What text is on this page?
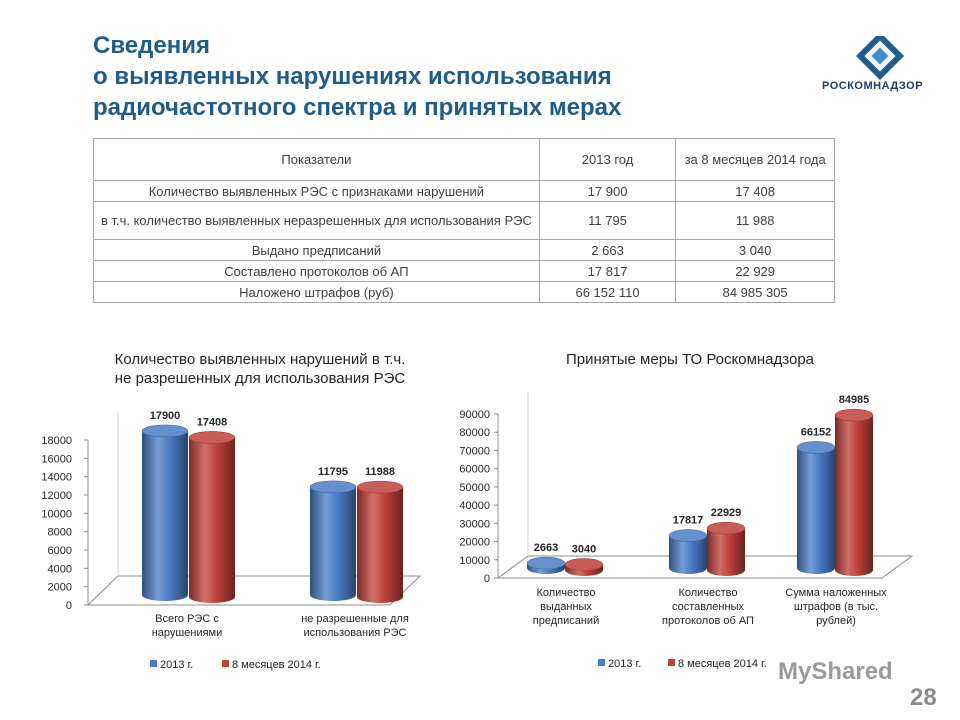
Сведения
о выявленных нарушениях использования
радиочастотного спектра и принятых мерах
РОСКОМНАДЗОР
Показатели	2013 год	за 8 месяцев 2014 года
Количество выявленных РЭС с признаками нарушений	17 900	17 408
в т.ч. количество выявленных неразрешенных для использования РЭС	11 795	11 988
Выдано предписаний	2 663	3 040
Составлено протоколов об АП	17 817	22 929
Наложено штрафов (руб)	66 152 110	84 985 305
Количество выявленных нарушений в т.ч.
не разрешенных для использования РЭС
Принятые меры ТО Роскомнадзора
0
2000
4000
6000
8000
10000
12000
14000
16000
18000
17900
11795
17408
11988
Всего РЭС с
нарушениями
не разрешенные для
использования РЭС
2013 г.	8 месяцев 2014 г.
0
10000
20000
30000
40000
50000
60000
70000
80000
90000
2663
17817
66152
3040
22929
84985
Количество
выданных
предписаний
Количество
составленных
протоколов об АП
Сумма наложенных
штрафов (в тыс.
рублей)
2013 г.	8 месяцев 2014 г. MyShared
28
